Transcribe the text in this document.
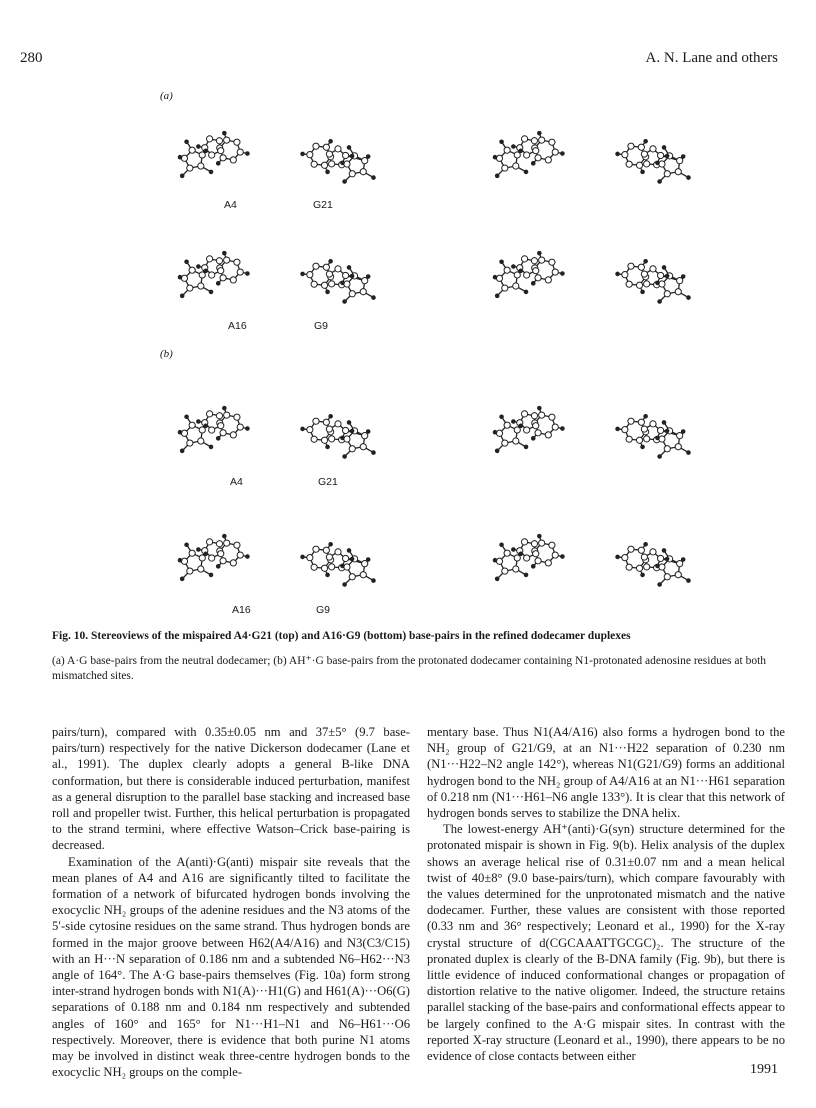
280	A. N. Lane and others
(a)
A4	G21
A16	G9
(b)
A4	G21
A16	G9
Fig. 10. Stereoviews of the mispaired A4·G21 (top) and A16·G9 (bottom) base-pairs in the refined dodecamer duplexes
(a) A·G base-pairs from the neutral dodecamer; (b) AH⁺·G base-pairs from the protonated dodecamer containing N1-protonated adenosine residues at both mismatched sites.

pairs/turn), compared with 0.35±0.05 nm and 37±5° (9.7 base-pairs/turn) respectively for the native Dickerson dodecamer (Lane et al., 1991). The duplex clearly adopts a general B-like DNA conformation, but there is considerable induced perturbation, manifest as a general disruption to the parallel base stacking and increased base roll and propeller twist. Further, this helical perturbation is propagated to the strand termini, where effective Watson–Crick base-pairing is decreased.

Examination of the A(anti)·G(anti) mispair site reveals that the mean planes of A4 and A16 are significantly tilted to facilitate the formation of a network of bifurcated hydrogen bonds involving the exocyclic NH₂ groups of the adenine residues and the N3 atoms of the 5′-side cytosine residues on the same strand. Thus hydrogen bonds are formed in the major groove between H62(A4/A16) and N3(C3/C15) with an H···N separation of 0.186 nm and a subtended N6–H62···N3 angle of 164°. The A·G base-pairs themselves (Fig. 10a) form strong inter-strand hydrogen bonds with N1(A)···H1(G) and H61(A)···O6(G) separations of 0.188 nm and 0.184 nm respectively and subtended angles of 160° and 165° for N1···H1–N1 and N6–H61···O6 respectively. Moreover, there is evidence that both purine N1 atoms may be involved in distinct weak three-centre hydrogen bonds to the exocyclic NH₂ groups on the comple-

mentary base. Thus N1(A4/A16) also forms a hydrogen bond to the NH₂ group of G21/G9, at an N1···H22 separation of 0.230 nm (N1···H22–N2 angle 142°), whereas N1(G21/G9) forms an additional hydrogen bond to the NH₂ group of A4/A16 at an N1···H61 separation of 0.218 nm (N1···H61–N6 angle 133°). It is clear that this network of hydrogen bonds serves to stabilize the DNA helix.

The lowest-energy AH⁺(anti)·G(syn) structure determined for the protonated mispair is shown in Fig. 9(b). Helix analysis of the duplex shows an average helical rise of 0.31±0.07 nm and a mean helical twist of 40±8° (9.0 base-pairs/turn), which compare favourably with the values determined for the unprotonated mismatch and the native dodecamer. Further, these values are consistent with those reported (0.33 nm and 36° respectively; Leonard et al., 1990) for the X-ray crystal structure of d(CGCAAATTGCGC)₂. The structure of the pronated duplex is clearly of the B-DNA family (Fig. 9b), but there is little evidence of induced conformational changes or propagation of distortion relative to the native oligomer. Indeed, the structure retains parallel stacking of the base-pairs and conformational effects appear to be largely confined to the A·G mispair sites. In contrast with the reported X-ray structure (Leonard et al., 1990), there appears to be no evidence of close contacts between either

1991
